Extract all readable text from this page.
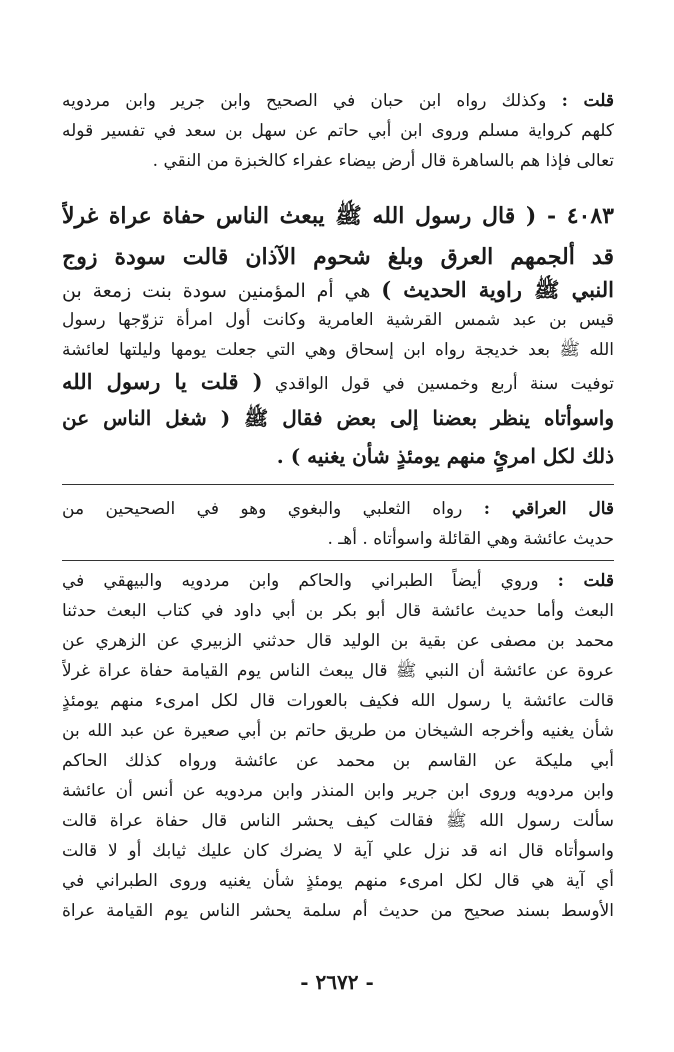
قلت : وكذلك رواه ابن حبان في الصحيح وابن جرير وابن مردويه
كلهم كرواية مسلم وروى ابن أبي حاتم عن سهل بن سعد في تفسير قوله
تعالى فإذا هم بالساهرة قال أرض بيضاء عفراء كالخبزة من النقي .
٤٠٨٣ - ( قال رسول الله ﷺ يبعث الناس حفاة عراة غرلاً
قد ألجمهم العرق وبلغ شحوم الآذان قالت سودة زوج
النبي ﷺ راوية الحديث ) هي أم المؤمنين سودة بنت زمعة بن
قيس بن عبد شمس القرشية العامرية وكانت أول امرأة تزوّجها رسول
الله ﷺ بعد خديجة رواه ابن إسحاق وهي التي جعلت يومها وليلتها لعائشة
توفيت سنة أربع وخمسين في قول الواقدي ( قلت يا رسول الله
واسوأتاه ينظر بعضنا إلى بعض فقال ﷺ ( شغل الناس عن
ذلك لكل امرئٍ منهم يومئذٍ شأن يغنيه ) .
قال العراقي : رواه الثعلبي والبغوي وهو في الصحيحين من
حديث عائشة وهي القائلة واسوأتاه . أهـ .
قلت : وروي أيضاً الطبراني والحاكم وابن مردويه والبيهقي في
البعث وأما حديث عائشة قال أبو بكر بن أبي داود في كتاب البعث حدثنا
محمد بن مصفى عن بقية بن الوليد قال حدثني الزبيري عن الزهري عن
عروة عن عائشة أن النبي ﷺ قال يبعث الناس يوم القيامة حفاة عراة غرلاً
قالت عائشة يا رسول الله فكيف بالعورات قال لكل امرىء منهم يومئذٍ
شأن يغنيه وأخرجه الشيخان من طريق حاتم بن أبي صعيرة عن عبد الله بن
أبي مليكة عن القاسم بن محمد عن عائشة ورواه كذلك الحاكم
وابن مردويه وروى ابن جرير وابن المنذر وابن مردويه عن أنس أن عائشة
سألت رسول الله ﷺ فقالت كيف يحشر الناس قال حفاة عراة قالت
واسوأتاه قال انه قد نزل علي آية لا يضرك كان عليك ثيابك أو لا قالت
أي آية هي قال لكل امرىء منهم يومئذٍ شأن يغنيه وروى الطبراني في
الأوسط بسند صحيح من حديث أم سلمة يحشر الناس يوم القيامة عراة
- ٢٦٧٢ -
